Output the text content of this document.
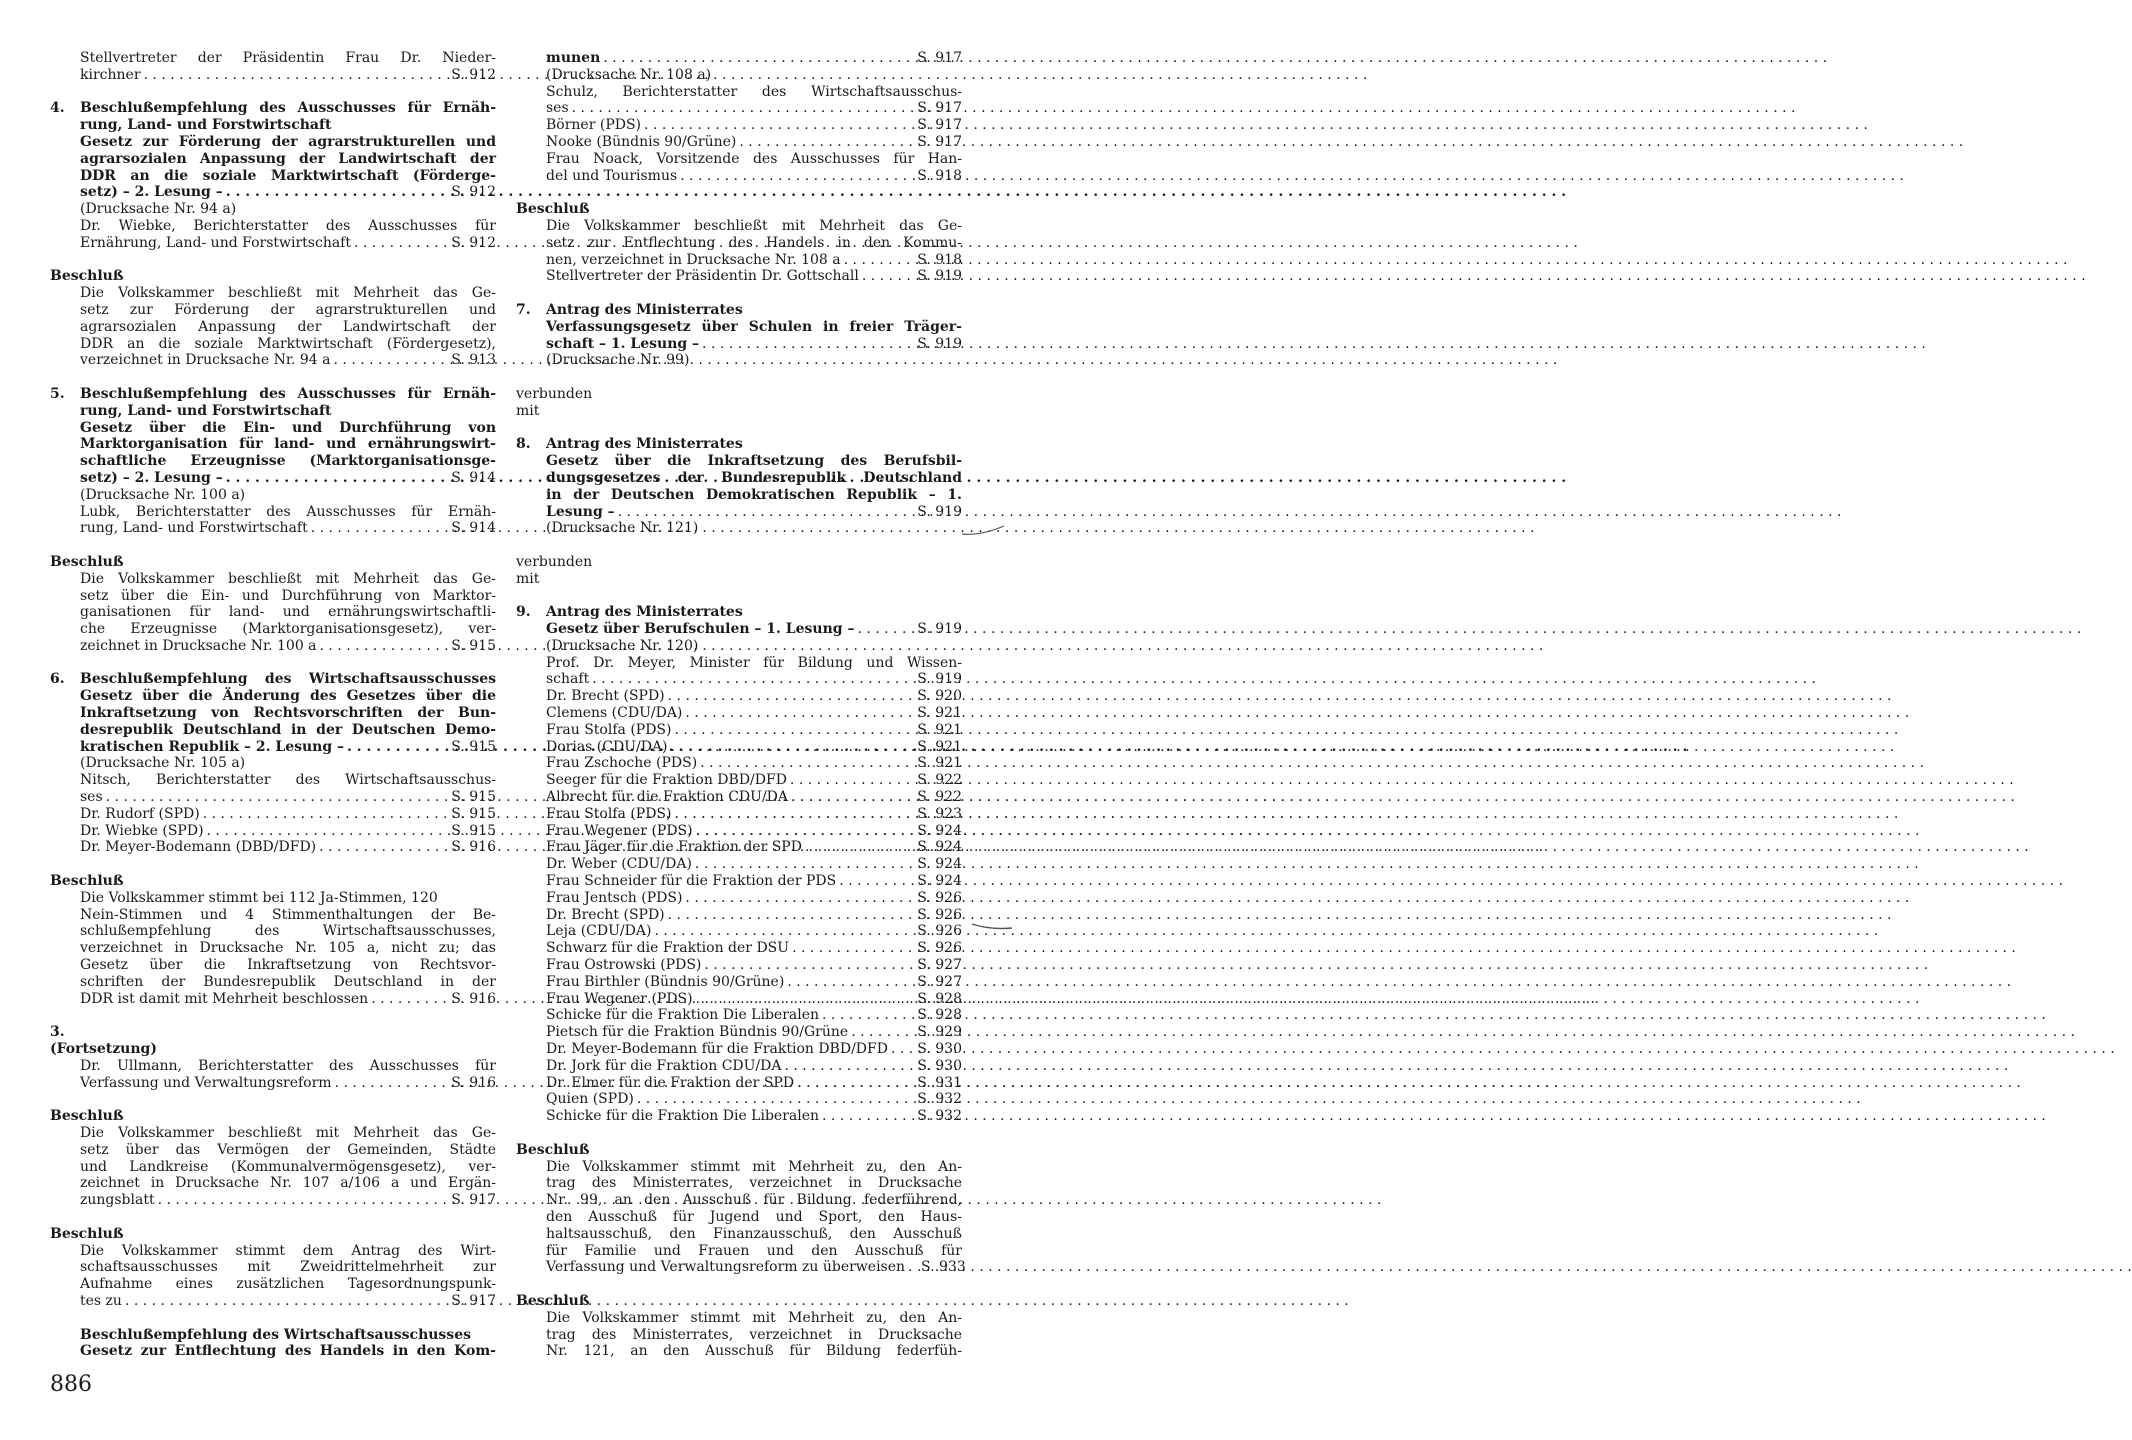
Stellvertreter der Präsidentin Frau Dr. Nieder-
kirchner . . .	S. 912
4.	Beschlußempfehlung des Ausschusses für Ernäh-
rung, Land- und Forstwirtschaft
Gesetz zur Förderung der agrarstrukturellen und
agrarsozialen Anpassung der Landwirtschaft der
DDR an die soziale Marktwirtschaft (Förderge-
setz) – 2. Lesung – . . .	S. 912
(Drucksache Nr. 94 a)
Dr. Wiebke, Berichterstatter des Ausschusses für
Ernährung, Land- und Forstwirtschaft . . .	S. 912
Beschluß
Die Volkskammer beschließt mit Mehrheit das Ge-
setz zur Förderung der agrarstrukturellen und
agrarsozialen Anpassung der Landwirtschaft der
DDR an die soziale Marktwirtschaft (Fördergesetz),
verzeichnet in Drucksache Nr. 94 a . . .	S. 913
5.	Beschlußempfehlung des Ausschusses für Ernäh-
rung, Land- und Forstwirtschaft
Gesetz über die Ein- und Durchführung von
Marktorganisation für land- und ernährungswirt-
schaftliche Erzeugnisse (Marktorganisationsge-
setz) – 2. Lesung – . . .	S. 914
(Drucksache Nr. 100 a)
Lubk, Berichterstatter des Ausschusses für Ernäh-
rung, Land- und Forstwirtschaft . . .	S. 914
Beschluß
Die Volkskammer beschließt mit Mehrheit das Ge-
setz über die Ein- und Durchführung von Marktor-
ganisationen für land- und ernährungswirtschaftli-
che Erzeugnisse (Marktorganisationsgesetz), ver-
zeichnet in Drucksache Nr. 100 a . . .	S. 915
6.	Beschlußempfehlung des Wirtschaftsausschusses
Gesetz über die Änderung des Gesetzes über die
Inkraftsetzung von Rechtsvorschriften der Bun-
desrepublik Deutschland in der Deutschen Demo-
kratischen Republik – 2. Lesung – . . .	S. 915
(Drucksache Nr. 105 a)
Nitsch, Berichterstatter des Wirtschaftsausschus-
ses . . .	S. 915
Dr. Rudorf (SPD) . . .	S. 915
Dr. Wiebke (SPD) . . .	S. 915
Dr. Meyer-Bodemann (DBD/DFD) . . .	S. 916
Beschluß
Die Volkskammer stimmt bei 112 Ja-Stimmen, 120
Nein-Stimmen und 4 Stimmenthaltungen der Be-
schlußempfehlung des Wirtschaftsausschusses,
verzeichnet in Drucksache Nr. 105 a, nicht zu; das
Gesetz über die Inkraftsetzung von Rechtsvor-
schriften der Bundesrepublik Deutschland in der
DDR ist damit mit Mehrheit beschlossen . . .	S. 916
3.
(Fortsetzung)
Dr. Ullmann, Berichterstatter des Ausschusses für
Verfassung und Verwaltungsreform . . .	S. 916
Beschluß
Die Volkskammer beschließt mit Mehrheit das Ge-
setz über das Vermögen der Gemeinden, Städte
und Landkreise (Kommunalvermögensgesetz), ver-
zeichnet in Drucksache Nr. 107 a/106 a und Ergän-
zungsblatt . . .	S. 917
Beschluß
Die Volkskammer stimmt dem Antrag des Wirt-
schaftsausschusses mit Zweidrittelmehrheit zur
Aufnahme eines zusätzlichen Tagesordnungspunk-
tes zu . . .	S. 917
Beschlußempfehlung des Wirtschaftsausschusses
Gesetz zur Entflechtung des Handels in den Kom-
munen . . .	S. 917
(Drucksache Nr. 108 a)
Schulz, Berichterstatter des Wirtschaftsausschus-
ses . . .	S. 917
Börner (PDS) . . .	S. 917
Nooke (Bündnis 90/Grüne) . . .	S. 917
Frau Noack, Vorsitzende des Ausschusses für Han-
del und Tourismus . . .	S. 918
Beschluß
Die Volkskammer beschließt mit Mehrheit das Ge-
setz zur Entflechtung des Handels in den Kommu-
nen, verzeichnet in Drucksache Nr. 108 a . . .	S. 918
Stellvertreter der Präsidentin Dr. Gottschall . . .	S. 919
7.	Antrag des Ministerrates
Verfassungsgesetz über Schulen in freier Träger-
schaft – 1. Lesung – . . .	S. 919
(Drucksache Nr. 99)
verbunden
mit
8.	Antrag des Ministerrates
Gesetz über die Inkraftsetzung des Berufsbil-
dungsgesetzes der Bundesrepublik Deutschland
in der Deutschen Demokratischen Republik – 1.
Lesung – . . .	S. 919
(Drucksache Nr. 121)
verbunden
mit
9.	Antrag des Ministerrates
Gesetz über Berufschulen – 1. Lesung – . . .	S. 919
(Drucksache Nr. 120)
Prof. Dr. Meyer, Minister für Bildung und Wissen-
schaft . . .	S. 919
Dr. Brecht (SPD) . . .	S. 920
Clemens (CDU/DA) . . .	S. 921
Frau Stolfa (PDS) . . .	S. 921
Dorias (CDU/DA) . . .	S. 921
Frau Zschoche (PDS) . . .	S. 921
Seeger für die Fraktion DBD/DFD . . .	S. 922
Albrecht für die Fraktion CDU/DA . . .	S. 922
Frau Stolfa (PDS) . . .	S. 923
Frau Wegener (PDS) . . .	S. 924
Frau Jäger für die Fraktion der SPD . . .	S. 924
Dr. Weber (CDU/DA) . . .	S. 924
Frau Schneider für die Fraktion der PDS . . .	S. 924
Frau Jentsch (PDS) . . .	S. 926
Dr. Brecht (SPD) . . .	S. 926
Leja (CDU/DA) . . .	S. 926
Schwarz für die Fraktion der DSU . . .	S. 926
Frau Ostrowski (PDS) . . .	S. 927
Frau Birthler (Bündnis 90/Grüne) . . .	S. 927
Frau Wegener (PDS) . . .	S. 928
Schicke für die Fraktion Die Liberalen . . .	S. 928
Pietsch für die Fraktion Bündnis 90/Grüne . . .	S. 929
Dr. Meyer-Bodemann für die Fraktion DBD/DFD . . . S. 930
Dr. Jork für die Fraktion CDU/DA . . .	S. 930
Dr. Elmer für die Fraktion der SPD . . .	S. 931
Quien (SPD) . . .	S. 932
Schicke für die Fraktion Die Liberalen . . .	S. 932
Beschluß
Die Volkskammer stimmt mit Mehrheit zu, den An-
trag des Ministerrates, verzeichnet in Drucksache
Nr. 99, an den Ausschuß für Bildung federführend,
den Ausschuß für Jugend und Sport, den Haus-
haltsausschuß, den Finanzausschuß, den Ausschuß
für Familie und Frauen und den Ausschuß für
Verfassung und Verwaltungsreform zu überweisen . . . S. 933
Beschluß
Die Volkskammer stimmt mit Mehrheit zu, den An-
trag des Ministerrates, verzeichnet in Drucksache
Nr. 121, an den Ausschuß für Bildung federfüh-
886
